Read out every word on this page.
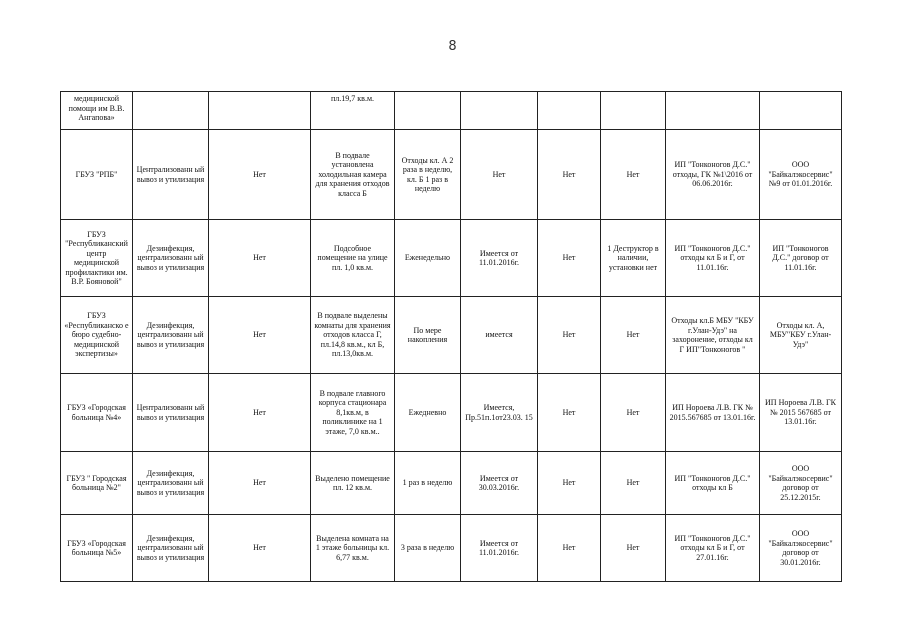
8
медицинской помощи им В.В. Ангапова»			пл.19,7 кв.м.						
ГБУЗ "РПБ"	Централизованн ый вывоз и утилизация	Нет	В подвале установлена холодильная камера для хранения отходов класса Б	Отходы кл. А 2 раза в неделю, кл. Б 1 раз в неделю	Нет	Нет	Нет	ИП "Тонконогов Д.С." отходы, ГК №1\2016 от 06.06.2016г.	ООО "Байкалэкосервис" №9 от 01.01.2016г.
ГБУЗ "Республиканский центр медицинской профилактики им. В.Р. Бояновой"	Дезинфекция, централизованн ый вывоз и утилизация	Нет	Подсобное помещение на улице пл. 1,0 кв.м.	Еженедельно	Имеется от 11.01.2016г.	Нет	1 Деструктор в наличии, установки нет	ИП "Тонконогов Д.С." отходы кл Б и Г, от 11.01.16г.	ИП "Тонконогов Д.С." договор от 11.01.16г.
ГБУЗ «Республиканско е бюро судебно-медицинской экспертизы»	Дезинфекция, централизованн ый вывоз и утилизация	Нет	В подвале выделены комнаты для хранения отходов класса Г, пл.14,8 кв.м., кл Б, пл.13,0кв.м.	По мере накопления	имеется	Нет	Нет	Отходы кл.Б МБУ "КБУ г.Улан-Удэ" на захоронение, отходы кл Г ИП"Тонконогов "	Отходы кл. А, МБУ"КБУ г.Улан-Удэ"
ГБУЗ «Городская больница №4»	Централизованн ый вывоз и утилизация	Нет	В подвале главного корпуса стационара 8,1кв.м, в поликлинике на 1 этаже, 7,0 кв.м..	Ежедневно	Имеется, Пр.51п.1от23.03. 15	Нет	Нет	ИП Нороева Л.В. ГК № 2015.567685 от 13.01.16г.	ИП Нороева Л.В. ГК № 2015 567685 от 13.01.16г.
ГБУЗ " Городская больница №2"	Дезинфекция, централизованн ый вывоз и утилизация	Нет	Выделено помещение пл. 12 кв.м.	1 раз в неделю	Имеется от 30.03.2016г.	Нет	Нет	ИП "Тонконогов Д.С." отходы кл Б	ООО "Байкалэкосервис" договор от 25.12.2015г.
ГБУЗ «Городская больница №5»	Дезинфекция, централизованн ый вывоз и утилизация	Нет	Выделена комната на 1 этаже больницы кл. 6,77 кв.м.	3 раза в неделю	Имеется от 11.01.2016г.	Нет	Нет	ИП "Тонконогов Д.С." отходы кл Б и Г, от 27.01.16г.	ООО "Байкалэкосервис" договор от 30.01.2016г.
